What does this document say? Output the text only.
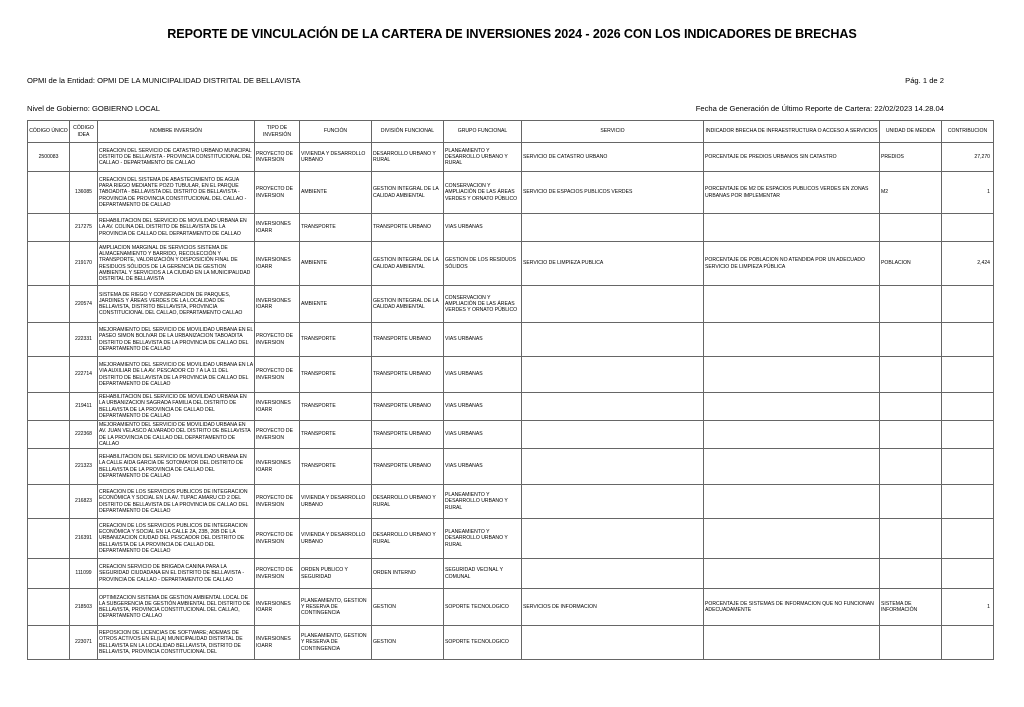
REPORTE DE VINCULACIÓN DE LA CARTERA DE INVERSIONES 2024 - 2026 CON LOS INDICADORES DE BRECHAS
OPMI de la Entidad: OPMI DE LA MUNICIPALIDAD DISTRITAL DE BELLAVISTA	Pág. 1 de 2
Nivel de Gobierno: GOBIERNO LOCAL	Fecha de Generación de Último Reporte de Cartera: 22/02/2023 14.28.04
CÓDIGO ÚNICO	CÓDIGO IDEA	NOMBRE INVERSIÓN	TIPO DE INVERSIÓN	FUNCIÓN	DIVISIÓN FUNCIONAL	GRUPO FUNCIONAL	SERVICIO	INDICADOR BRECHA DE INFRAESTRUCTURA O ACCESO A SERVICIOS	UNIDAD DE MEDIDA	CONTRIBUCION

2500083		CREACION DEL SERVICIO DE CATASTRO URBANO MUNICIPAL DISTRITO DE BELLAVISTA - PROVINCIA CONSTITUCIONAL DEL CALLAO - DEPARTAMENTO DE CALLAO	PROYECTO DE INVERSION	VIVIENDA Y DESARROLLO URBANO	DESARROLLO URBANO Y RURAL	PLANEAMIENTO Y DESARROLLO URBANO Y RURAL	SERVICIO DE CATASTRO URBANO	PORCENTAJE DE PREDIOS URBANOS SIN CATASTRO	PREDIOS	27,270

	136085	CREACION DEL SISTEMA DE ABASTECIMIENTO DE AGUA PARA RIEGO MEDIANTE POZO TUBULAR, EN EL PARQUE TABOADITA - BELLAVISTA DEL DISTRITO DE BELLAVISTA - PROVINCIA DE PROVINCIA CONSTITUCIONAL DEL CALLAO - DEPARTAMENTO DE CALLAO	PROYECTO DE INVERSION	AMBIENTE	GESTIÓN INTEGRAL DE LA CALIDAD AMBIENTAL	CONSERVACIÓN Y AMPLIACIÓN DE LAS ÁREAS VERDES Y ORNATO PÚBLICO	SERVICIO DE ESPACIOS PÚBLICOS VERDES	PORCENTAJE DE M2 DE ESPACIOS PÚBLICOS VERDES EN ZONAS URBANAS POR IMPLEMENTAR	M2	1

	217275	REHABILITACIÓN DEL SERVICIO DE MOVILIDAD URBANA EN LA AV. COLINA DEL DISTRITO DE BELLAVISTA DE LA PROVINCIA DE CALLAO DEL DEPARTAMENTO DE CALLAO	INVERSIONES IOARR	TRANSPORTE	TRANSPORTE URBANO	VÍAS URBANAS				

	219170	AMPLIACION MARGINAL DE SERVICIOS SISTEMA DE ALMACENAMIENTO Y BARRIDO, RECOLECCIÓN Y TRANSPORTE, VALORIZACIÓN Y DISPOSICIÓN FINAL DE RESIDUOS SÓLIDOS DE LA GERENCIA DE GESTION AMBIENTAL Y SERVICIOS A LA CIUDAD EN LA MUNICIPALIDAD DISTRITAL DE BELLAVISTA	INVERSIONES IOARR	AMBIENTE	GESTIÓN INTEGRAL DE LA CALIDAD AMBIENTAL	GESTIÓN DE LOS RESIDUOS SÓLIDOS	SERVICIO DE LIMPIEZA PÚBLICA	PORCENTAJE DE POBLACIÓN NO ATENDIDA POR UN ADECUADO SERVICIO DE LIMPIEZA PÚBLICA	POBLACIÓN	2,424

	220574	SISTEMA DE RIEGO Y CONSERVACIÓN DE PARQUES, JARDINES Y ÁREAS VERDES DE LA LOCALIDAD DE BELLAVISTA, DISTRITO BELLAVISTA, PROVINCIA CONSTITUCIONAL DEL CALLAO, DEPARTAMENTO CALLAO	INVERSIONES IOARR	AMBIENTE	GESTIÓN INTEGRAL DE LA CALIDAD AMBIENTAL	CONSERVACIÓN Y AMPLIACIÓN DE LAS ÁREAS VERDES Y ORNATO PÚBLICO				

	222331	MEJORAMIENTO DEL SERVICIO DE MOVILIDAD URBANA EN EL PASEO SIMON BOLIVAR DE LA URBANIZACION TABOADITA DISTRITO DE BELLAVISTA DE LA PROVINCIA DE CALLAO DEL DEPARTAMENTO DE CALLAO	PROYECTO DE INVERSION	TRANSPORTE	TRANSPORTE URBANO	VÍAS URBANAS				

	222714	MEJORAMIENTO DEL SERVICIO DE MOVILIDAD URBANA EN LA VIA AUXILIAR DE LA AV. PESCADOR CD 7 A LA 11 DEL DISTRITO DE BELLAVISTA DE LA PROVINCIA DE CALLAO DEL DEPARTAMENTO DE CALLAO	PROYECTO DE INVERSION	TRANSPORTE	TRANSPORTE URBANO	VÍAS URBANAS				

	219411	REHABILITACIÓN DEL SERVICIO DE MOVILIDAD URBANA EN LA URBANIZACION SAGRADA FAMILIA DEL DISTRITO DE BELLAVISTA DE LA PROVINCIA DE CALLAO DEL DEPARTAMENTO DE CALLAO	INVERSIONES IOARR	TRANSPORTE	TRANSPORTE URBANO	VÍAS URBANAS				

	222368	MEJORAMIENTO DEL SERVICIO DE MOVILIDAD URBANA EN AV. JUAN VELASCO ALVARADO DEL DISTRITO DE BELLAVISTA DE LA PROVINCIA DE CALLAO DEL DEPARTAMENTO DE CALLAO	PROYECTO DE INVERSION	TRANSPORTE	TRANSPORTE URBANO	VÍAS URBANAS				

	221323	REHABILITACIÓN DEL SERVICIO DE MOVILIDAD URBANA EN LA CALLE AIDA GARCIA DE SOTOMAYOR DEL DISTRITO DE BELLAVISTA DE LA PROVINCIA DE CALLAO DEL DEPARTAMENTO DE CALLAO	INVERSIONES IOARR	TRANSPORTE	TRANSPORTE URBANO	VÍAS URBANAS				

	216823	CREACION DE LOS SERVICIOS PÚBLICOS DE INTEGRACIÓN ECONÓMICA Y SOCIAL EN LA AV. TUPAC AMARU CD 2 DEL DISTRITO DE BELLAVISTA DE LA PROVINCIA DE CALLAO DEL DEPARTAMENTO DE CALLAO	PROYECTO DE INVERSION	VIVIENDA Y DESARROLLO URBANO	DESARROLLO URBANO Y RURAL	PLANEAMIENTO Y DESARROLLO URBANO Y RURAL				

	216391	CREACION DE LOS SERVICIOS PÚBLICOS DE INTEGRACIÓN ECONÓMICA Y SOCIAL EN LA CALLE 2A, 23B, 26B DE LA URBANIZACION CIUDAD DEL PESCADOR DEL DISTRITO DE BELLAVISTA DE LA PROVINCIA DE CALLAO DEL DEPARTAMENTO DE CALLAO	PROYECTO DE INVERSION	VIVIENDA Y DESARROLLO URBANO	DESARROLLO URBANO Y RURAL	PLANEAMIENTO Y DESARROLLO URBANO Y RURAL				

	111099	CREACION SERVICIO DE BRIGADA CANINA PARA LA SEGURIDAD CIUDADANA EN EL DISTRITO DE BELLAVISTA - PROVINCIA DE CALLAO - DEPARTAMENTO DE CALLAO	PROYECTO DE INVERSION	ORDEN PÚBLICO Y SEGURIDAD	ORDEN INTERNO	SEGURIDAD VECINAL Y COMUNAL				

	218503	OPTIMIZACIÓN SISTEMA DE GESTIÓN AMBIENTAL LOCAL DE LA SUBGERENCIA DE GESTIÓN AMBIENTAL DEL DISTRITO DE BELLAVISTA, PROVINCIA CONSTITUCIONAL DEL CALLAO, DEPARTAMENTO CALLAO	INVERSIONES IOARR	PLANEAMIENTO, GESTIÓN Y RESERVA DE CONTINGENCIA	GESTIÓN	SOPORTE TECNOLÓGICO	SERVICIOS DE INFORMACIÓN	PORCENTAJE DE SISTEMAS DE INFORMACIÓN QUE NO FUNCIONAN ADECUADAMENTE	SISTEMA DE INFORMACIÓN	1

	223071	REPOSICIÓN DE LICENCIAS DE SOFTWARE; ADEMÁS DE OTROS ACTIVOS EN EL(LA) MUNICIPALIDAD DISTRITAL DE BELLAVISTA EN LA LOCALIDAD BELLAVISTA, DISTRITO DE BELLAVISTA, PROVINCIA CONSTITUCIONAL DEL	INVERSIONES IOARR	PLANEAMIENTO, GESTIÓN Y RESERVA DE CONTINGENCIA	GESTIÓN	SOPORTE TECNOLÓGICO				
